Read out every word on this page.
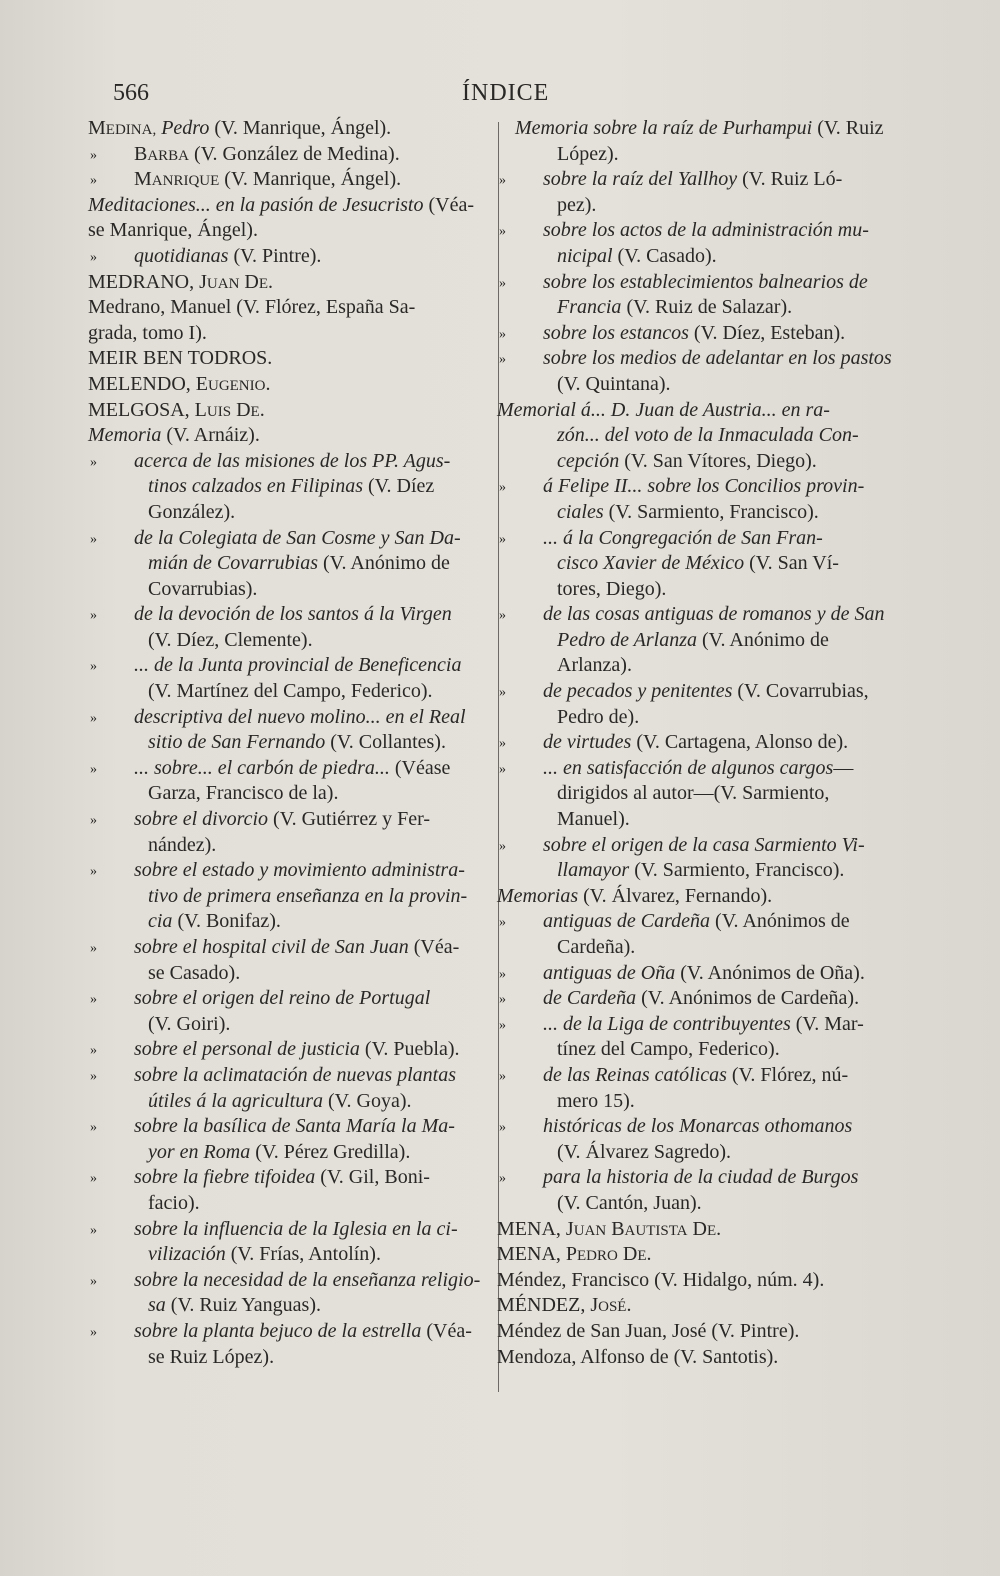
566	ÍNDICE
MEDINA, Pedro (V. Manrique, Ángel).
» BARBA (V. González de Medina).
» MANRIQUE (V. Manrique, Ángel).
Meditaciones... en la pasión de Jesucristo (Véa-
se Manrique, Ángel).
» quotidianas (V. Pintre).
MEDRANO, JUAN DE.
Medrano, Manuel (V. Flórez, España Sa-
grada, tomo I).
MEIR BEN TODROS.
MELENDO, EUGENIO.
MELGOSA, LUIS DE.
Memoria (V. Arnáiz).
» acerca de las misiones de los PP. Agus-
tinos calzados en Filipinas (V. Díez
González).
» de la Colegiata de San Cosme y San Da-
mián de Covarrubias (V. Anónimo de
Covarrubias).
» de la devoción de los santos á la Virgen
(V. Díez, Clemente).
» ... de la Junta provincial de Beneficencia
(V. Martínez del Campo, Federico).
» descriptiva del nuevo molino... en el Real
sitio de San Fernando (V. Collantes).
» ... sobre... el carbón de piedra... (Véase
Garza, Francisco de la).
» sobre el divorcio (V. Gutiérrez y Fer-
nández).
» sobre el estado y movimiento administra-
tivo de primera enseñanza en la provin-
cia (V. Bonifaz).
» sobre el hospital civil de San Juan (Véa-
se Casado).
» sobre el origen del reino de Portugal
(V. Goiri).
» sobre el personal de justicia (V. Puebla).
» sobre la aclimatación de nuevas plantas
útiles á la agricultura (V. Goya).
» sobre la basílica de Santa María la Ma-
yor en Roma (V. Pérez Gredilla).
» sobre la fiebre tifoidea (V. Gil, Boni-
facio).
» sobre la influencia de la Iglesia en la ci-
vilización (V. Frías, Antolín).
» sobre la necesidad de la enseñanza religio-
sa (V. Ruiz Yanguas).
» sobre la planta bejuco de la estrella (Véa-
se Ruiz López).
Memoria sobre la raíz de Purhampui (V. Ruiz
López).
» sobre la raíz del Yallhoy (V. Ruiz Ló-
pez).
» sobre los actos de la administración mu-
nicipal (V. Casado).
» sobre los establecimientos balnearios de
Francia (V. Ruiz de Salazar).
» sobre los estancos (V. Díez, Esteban).
» sobre los medios de adelantar en los pastos
(V. Quintana).
Memorial á... D. Juan de Austria... en ra-
zón... del voto de la Inmaculada Con-
cepción (V. San Vítores, Diego).
» á Felipe II... sobre los Concilios provin-
ciales (V. Sarmiento, Francisco).
» ... á la Congregación de San Fran-
cisco Xavier de México (V. San Ví-
tores, Diego).
» de las cosas antiguas de romanos y de San
Pedro de Arlanza (V. Anónimo de
Arlanza).
» de pecados y penitentes (V. Covarrubias,
Pedro de).
» de virtudes (V. Cartagena, Alonso de).
» ... en satisfacción de algunos cargos—
dirigidos al autor—(V. Sarmiento,
Manuel).
» sobre el origen de la casa Sarmiento Vi-
llamayor (V. Sarmiento, Francisco).
Memorias (V. Álvarez, Fernando).
» antiguas de Cardeña (V. Anónimos de
Cardeña).
» antiguas de Oña (V. Anónimos de Oña).
» de Cardeña (V. Anónimos de Cardeña).
» ... de la Liga de contribuyentes (V. Mar-
tínez del Campo, Federico).
» de las Reinas católicas (V. Flórez, nú-
mero 15).
» históricas de los Monarcas othomanos
(V. Álvarez Sagredo).
» para la historia de la ciudad de Burgos
(V. Cantón, Juan).
MENA, JUAN BAUTISTA DE.
MENA, PEDRO DE.
Méndez, Francisco (V. Hidalgo, núm. 4).
MÉNDEZ, JOSÉ.
Méndez de San Juan, José (V. Pintre).
Mendoza, Alfonso de (V. Santotis).
